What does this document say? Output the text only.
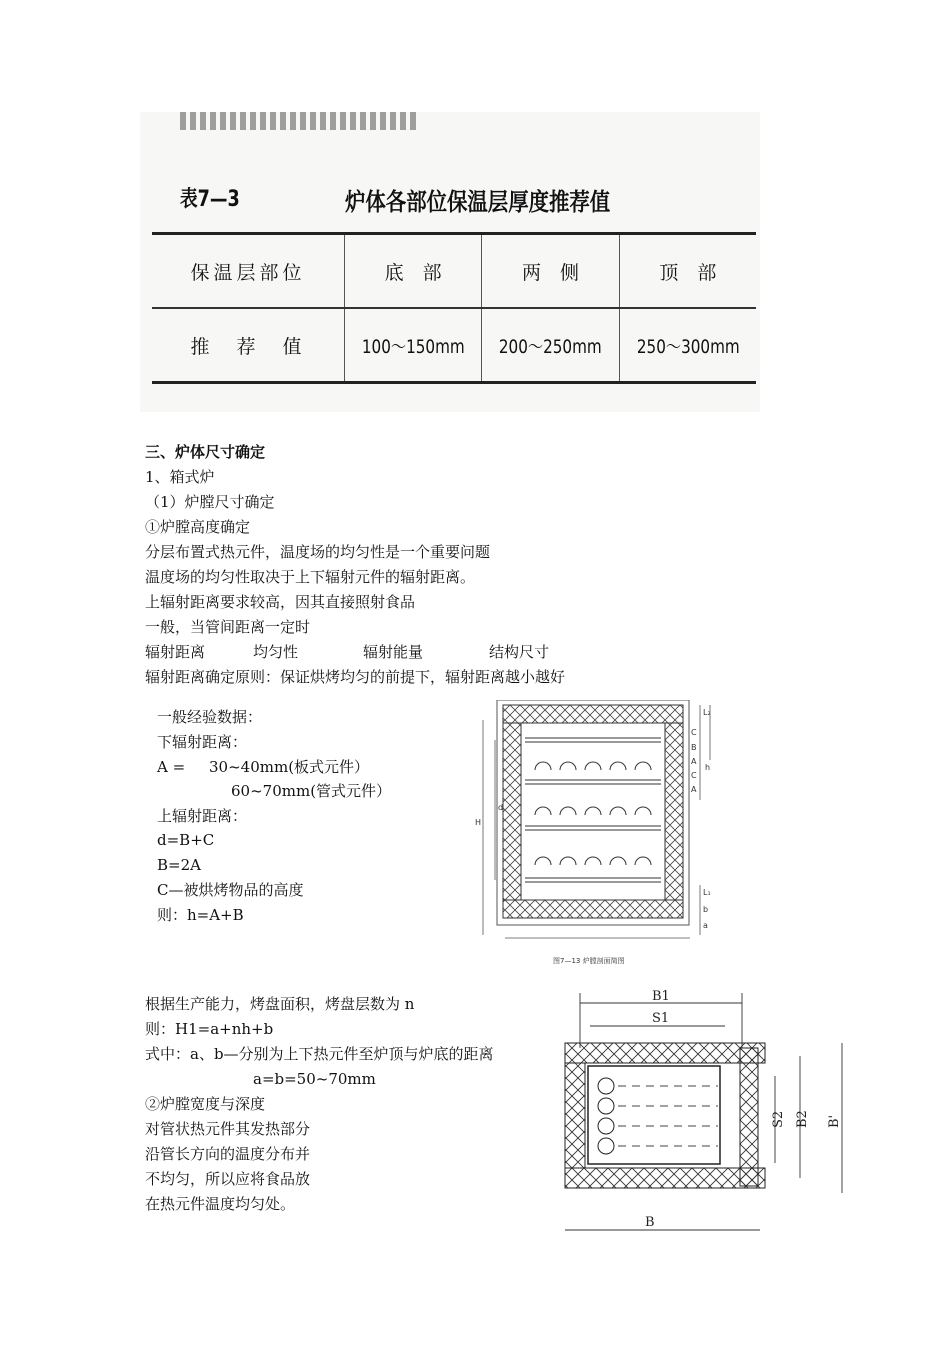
表7—3	炉体各部位保温层厚度推荐值
保温层部位	底　部	两　侧	顶　部
推　荐　值	100～150mm	200～250mm	250～300mm
三、炉体尺寸确定
1、箱式炉
（1）炉膛尺寸确定
①炉膛高度确定
分层布置式热元件，温度场的均匀性是一个重要问题
温度场的均匀性取决于上下辐射元件的辐射距离。
上辐射距离要求较高，因其直接照射食品
一般，当管间距离一定时
辐射距离	均匀性	辐射能量	结构尺寸
辐射距离确定原则：保证烘烤均匀的前提下，辐射距离越小越好
一般经验数据：
下辐射距离：
A =     30~40mm(板式元件）
60~70mm(管式元件）
上辐射距离：
d=B+C
B=2A
C—被烘烤物品的高度
则：h=A+B
L₂
C
B
A
C
A
h
d
H
L₁
b
a
图7—13 炉膛剖面简图
根据生产能力，烤盘面积，烤盘层数为 n
则：H1=a+nh+b
式中：a、b—分别为上下热元件至炉顶与炉底的距离
a=b=50~70mm
②炉膛宽度与深度
对管状热元件其发热部分
沿管长方向的温度分布并
不均匀，所以应将食品放
在热元件温度均匀处。
B1
S1
S2 B2 B'
B
